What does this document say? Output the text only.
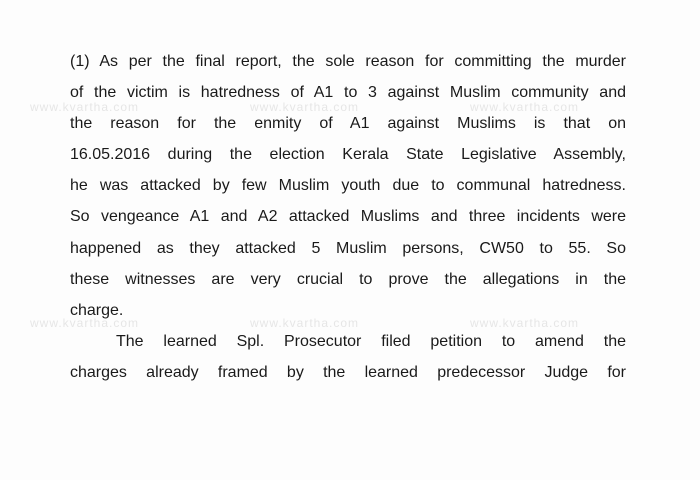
www.kvartha.com	www.kvartha.com	www.kvartha.com
www.kvartha.com	www.kvartha.com	www.kvartha.com
(1) As per the final report, the sole reason for committing the murder
of the victim is hatredness of A1 to 3 against Muslim community and
the reason for the enmity of A1 against Muslims is that on
16.05.2016 during the election Kerala State Legislative Assembly,
he was attacked by few Muslim youth due to communal hatredness.
So vengeance A1 and A2 attacked Muslims and three incidents were
happened as they attacked 5 Muslim persons, CW50 to 55. So
these witnesses are very crucial to prove the allegations in the
charge.
The learned Spl. Prosecutor filed petition to amend the
charges already framed by the learned predecessor Judge for
